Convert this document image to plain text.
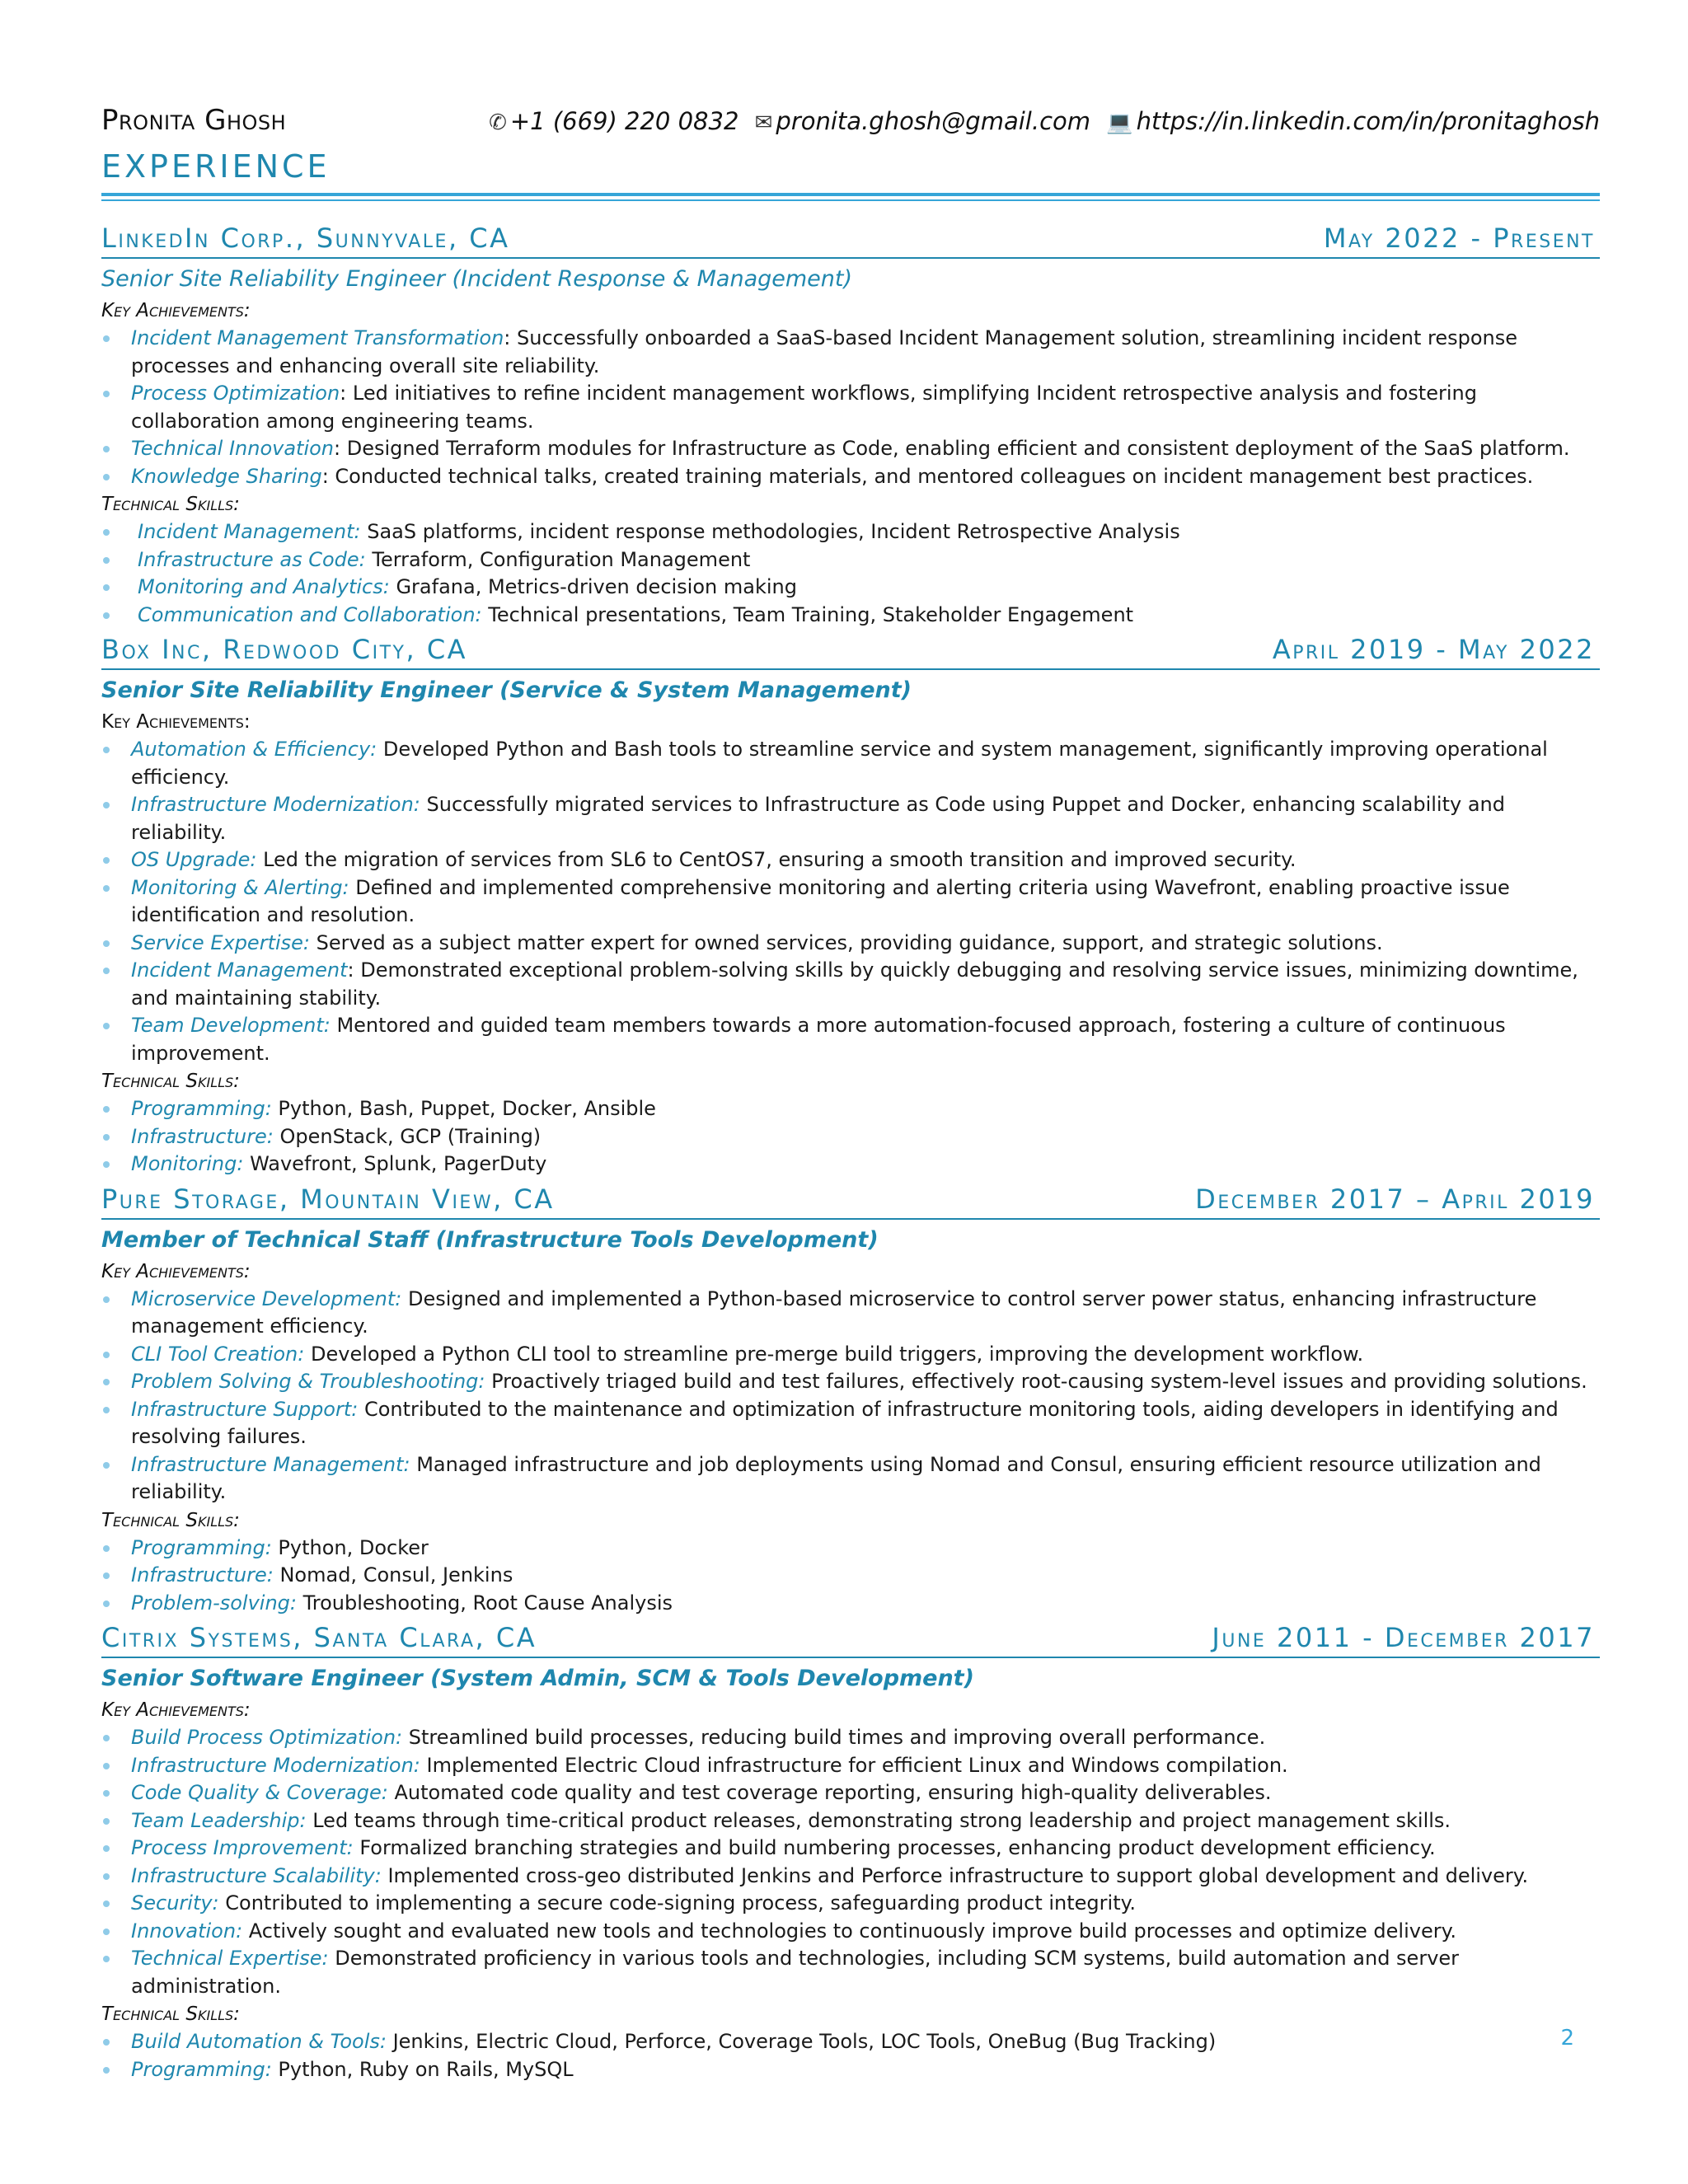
Pronita Ghosh	✆ +1 (669) 220 0832 ✉ pronita.ghosh@gmail.com 💻 https://in.linkedin.com/in/pronitaghosh
EXPERIENCE
LinkedIn Corp., Sunnyvale, CA	May 2022 - Present
Senior Site Reliability Engineer (Incident Response & Management)
Key Achievements:
Incident Management Transformation: Successfully onboarded a SaaS-based Incident Management solution, streamlining incident response processes and enhancing overall site reliability.
Process Optimization: Led initiatives to refine incident management workflows, simplifying Incident retrospective analysis and fostering collaboration among engineering teams.
Technical Innovation: Designed Terraform modules for Infrastructure as Code, enabling efficient and consistent deployment of the SaaS platform.
Knowledge Sharing: Conducted technical talks, created training materials, and mentored colleagues on incident management best practices.
Technical Skills:
Incident Management: SaaS platforms, incident response methodologies, Incident Retrospective Analysis
Infrastructure as Code: Terraform, Configuration Management
Monitoring and Analytics: Grafana, Metrics-driven decision making
Communication and Collaboration: Technical presentations, Team Training, Stakeholder Engagement
Box Inc, Redwood City, CA	April 2019 - May 2022
Senior Site Reliability Engineer (Service & System Management)
Key Achievements:
Automation & Efficiency: Developed Python and Bash tools to streamline service and system management, significantly improving operational efficiency.
Infrastructure Modernization: Successfully migrated services to Infrastructure as Code using Puppet and Docker, enhancing scalability and reliability.
OS Upgrade: Led the migration of services from SL6 to CentOS7, ensuring a smooth transition and improved security.
Monitoring & Alerting: Defined and implemented comprehensive monitoring and alerting criteria using Wavefront, enabling proactive issue identification and resolution.
Service Expertise: Served as a subject matter expert for owned services, providing guidance, support, and strategic solutions.
Incident Management: Demonstrated exceptional problem-solving skills by quickly debugging and resolving service issues, minimizing downtime, and maintaining stability.
Team Development: Mentored and guided team members towards a more automation-focused approach, fostering a culture of continuous improvement.
Technical Skills:
Programming: Python, Bash, Puppet, Docker, Ansible
Infrastructure: OpenStack, GCP (Training)
Monitoring: Wavefront, Splunk, PagerDuty
Pure Storage, Mountain View, CA	December 2017 – April 2019
Member of Technical Staff (Infrastructure Tools Development)
Key Achievements:
Microservice Development: Designed and implemented a Python-based microservice to control server power status, enhancing infrastructure management efficiency.
CLI Tool Creation: Developed a Python CLI tool to streamline pre-merge build triggers, improving the development workflow.
Problem Solving & Troubleshooting: Proactively triaged build and test failures, effectively root-causing system-level issues and providing solutions.
Infrastructure Support: Contributed to the maintenance and optimization of infrastructure monitoring tools, aiding developers in identifying and resolving failures.
Infrastructure Management: Managed infrastructure and job deployments using Nomad and Consul, ensuring efficient resource utilization and reliability.
Technical Skills:
Programming: Python, Docker
Infrastructure: Nomad, Consul, Jenkins
Problem-solving: Troubleshooting, Root Cause Analysis
Citrix Systems, Santa Clara, CA	June 2011 - December 2017
Senior Software Engineer (System Admin, SCM & Tools Development)
Key Achievements:
Build Process Optimization: Streamlined build processes, reducing build times and improving overall performance.
Infrastructure Modernization: Implemented Electric Cloud infrastructure for efficient Linux and Windows compilation.
Code Quality & Coverage: Automated code quality and test coverage reporting, ensuring high-quality deliverables.
Team Leadership: Led teams through time-critical product releases, demonstrating strong leadership and project management skills.
Process Improvement: Formalized branching strategies and build numbering processes, enhancing product development efficiency.
Infrastructure Scalability: Implemented cross-geo distributed Jenkins and Perforce infrastructure to support global development and delivery.
Security: Contributed to implementing a secure code-signing process, safeguarding product integrity.
Innovation: Actively sought and evaluated new tools and technologies to continuously improve build processes and optimize delivery.
Technical Expertise: Demonstrated proficiency in various tools and technologies, including SCM systems, build automation and server administration.
Technical Skills:
Build Automation & Tools: Jenkins, Electric Cloud, Perforce, Coverage Tools, LOC Tools, OneBug (Bug Tracking)
Programming: Python, Ruby on Rails, MySQL
2
